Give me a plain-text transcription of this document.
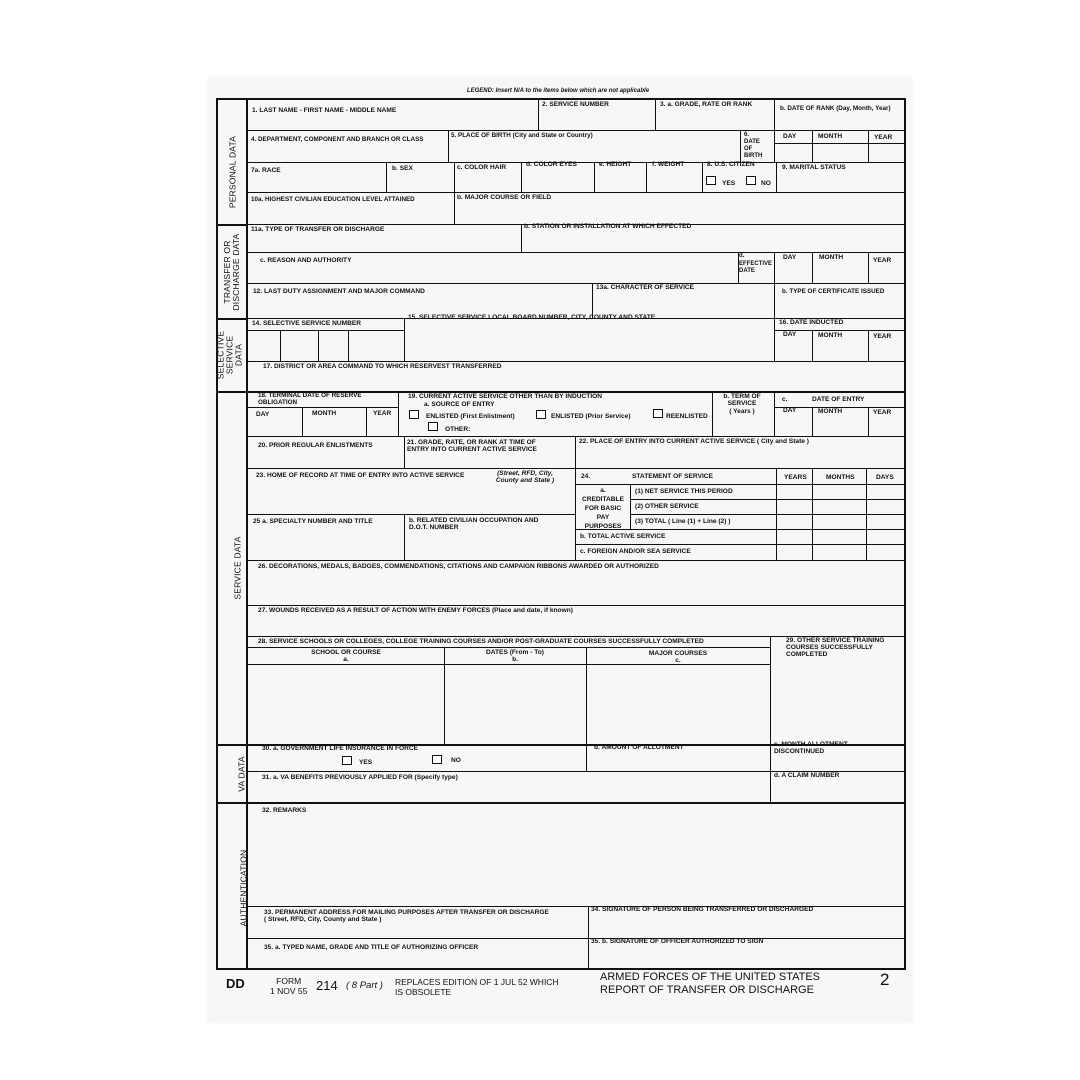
LEGEND: Insert N/A to the items below which are not applicable
PERSONAL DATA
TRANSFER OR
DISCHARGE DATA
SELECTIVE
SERVICE
DATA
SERVICE DATA
VA DATA
AUTHENTICATION
1. LAST NAME - FIRST NAME - MIDDLE NAME
2. SERVICE NUMBER	3. a. GRADE, RATE OR RANK
b. DATE OF RANK (Day, Month, Year)
4. DEPARTMENT, COMPONENT AND BRANCH OR CLASS
5. PLACE OF BIRTH (City and State or Country)	6.
DATE
OF
BIRTH
DAY	MONTH	YEAR
7a. RACE	b. SEX	c. COLOR HAIR	d. COLOR EYES	e. HEIGHT	f. WEIGHT	8. U.S. CITIZEN
YES	NO
9. MARITAL STATUS
10a. HIGHEST CIVILIAN EDUCATION LEVEL ATTAINED	b. MAJOR COURSE OR FIELD
11a. TYPE OF TRANSFER OR DISCHARGE	b. STATION OR INSTALLATION AT WHICH EFFECTED
c. REASON AND AUTHORITY
d.
EFFECTIVE
DATE
DAY	MONTH	YEAR
12. LAST DUTY ASSIGNMENT AND MAJOR COMMAND
13a. CHARACTER OF SERVICE
b. TYPE OF CERTIFICATE ISSUED
14. SELECTIVE SERVICE NUMBER
15. SELECTIVE SERVICE LOCAL BOARD NUMBER, CITY, COUNTY AND STATE
16. DATE INDUCTED
DAY	MONTH	YEAR
17. DISTRICT OR AREA COMMAND TO WHICH RESERVEST TRANSFERRED
18. TERMINAL DATE OF RESERVE
OBLIGATION
DAY	MONTH	YEAR
19. CURRENT ACTIVE SERVICE OTHER THAN BY INDUCTION
a. SOURCE OF ENTRY
ENLISTED (First Enlistment)	ENLISTED (Prior Service)	REENLISTED
OTHER:
b. TERM OF
SERVICE
( Years )
c.	DATE OF ENTRY
DAY	MONTH	YEAR
20. PRIOR REGULAR ENLISTMENTS	21. GRADE, RATE, OR RANK AT TIME OF
ENTRY INTO CURRENT ACTIVE SERVICE
22. PLACE OF ENTRY INTO CURRENT ACTIVE SERVICE ( City and State )
23. HOME OF RECORD AT TIME OF ENTRY INTO ACTIVE SERVICE	(Street, RFD, City,
County and State )
24.	STATEMENT OF SERVICE	YEARS	MONTHS	DAYS
a.
CREDITABLE
FOR BASIC
PAY
PURPOSES
(1) NET SERVICE THIS PERIOD
(2) OTHER SERVICE
(3) TOTAL ( Line (1) + Line (2) )
b. TOTAL ACTIVE SERVICE
c. FOREIGN AND/OR SEA SERVICE
25 a. SPECIALTY NUMBER AND TITLE	b. RELATED CIVILIAN OCCUPATION AND
D.O.T. NUMBER
26. DECORATIONS, MEDALS, BADGES, COMMENDATIONS, CITATIONS AND CAMPAIGN RIBBONS AWARDED OR AUTHORIZED
27. WOUNDS RECEIVED AS A RESULT OF ACTION WITH ENEMY FORCES (Place and date, if known)
28. SERVICE SCHOOLS OR COLLEGES, COLLEGE TRAINING COURSES AND/OR POST-GRADUATE COURSES SUCCESSFULLY COMPLETED
SCHOOL OR COURSE
a.
DATES (From - To)
b.
MAJOR COURSES
c.
29. OTHER SERVICE TRAINING
COURSES SUCCESSFULLY
COMPLETED
30. a. GOVERNMENT LIFE INSURANCE IN FORCE
YES	NO
b. AMOUNT OF ALLOTMENT	c. MONTH ALLOTMENT
DISCONTINUED
31. a. VA BENEFITS PREVIOUSLY APPLIED FOR (Specify type)	d. A CLAIM NUMBER
32. REMARKS
33. PERMANENT ADDRESS FOR MAILING PURPOSES AFTER TRANSFER OR DISCHARGE
( Street, RFD, City, County and State )
34. SIGNATURE OF PERSON BEING TRANSFERRED OR DISCHARGED
35. a. TYPED NAME, GRADE AND TITLE OF AUTHORIZING OFFICER
35. b. SIGNATURE OF OFFICER AUTHORIZED TO SIGN
DD	FORM
1 NOV 55 214 ( 8 Part ) REPLACES EDITION OF 1 JUL 52 WHICH
IS OBSOLETE
ARMED FORCES OF THE UNITED STATES
REPORT OF TRANSFER OR DISCHARGE
2
